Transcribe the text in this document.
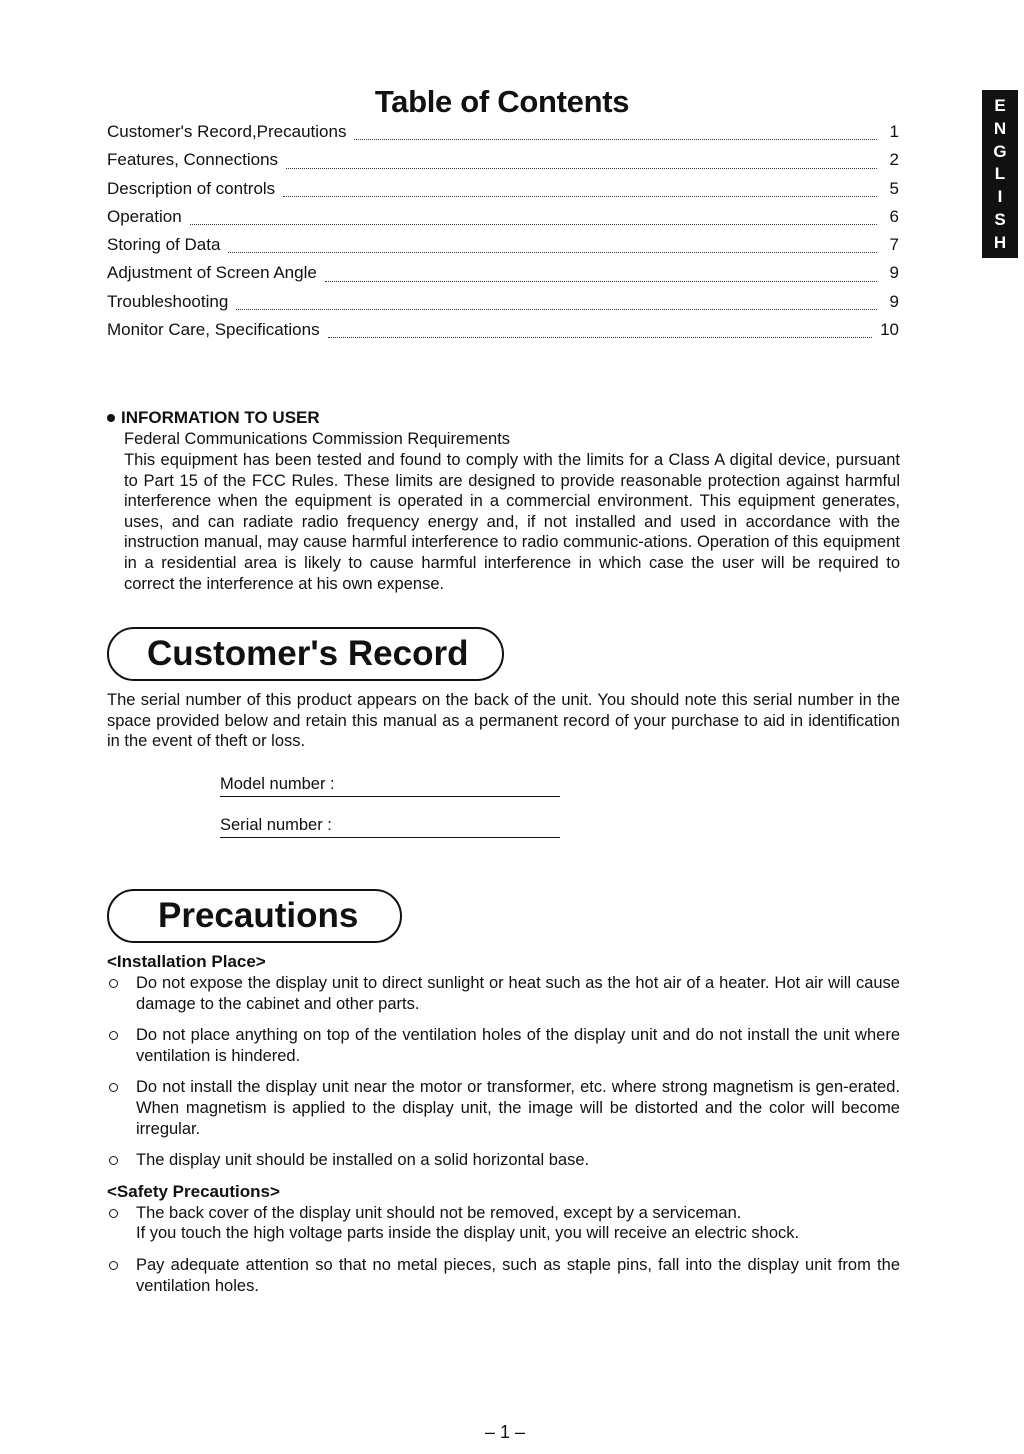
E
N
G
L
I
S
H
Table of Contents
Customer's Record,Precautions	1
Features, Connections	2
Description of controls	5
Operation	6
Storing of Data	7
Adjustment of Screen Angle	9
Troubleshooting	9
Monitor Care, Specifications	10
INFORMATION TO USER
Federal Communications Commission Requirements
This equipment has been tested and found to comply with the limits for a Class A digital device, pursuant to Part 15 of the FCC Rules. These limits are designed to provide reasonable protection against harmful interference when the equipment is operated in a commercial environment. This equipment generates, uses, and can radiate radio frequency energy and, if not installed and used in accordance with the instruction manual, may cause harmful interference to radio communic-ations. Operation of this equipment in a residential area is likely to cause harmful interference in which case the user will be required to correct the interference at his own expense.
Customer's Record
The serial number of this product appears on the back of the unit. You should note this serial number in the space provided below and retain this manual as a permanent record of your purchase to aid in identification in the event of theft or loss.
Model number :
Serial number :
Precautions
<Installation Place>
Do not expose the display unit to direct sunlight or heat such as the hot air of a heater. Hot air will cause damage to the cabinet and other parts.
Do not place anything on top of the ventilation holes of the display unit and do not install the unit where ventilation is hindered.
Do not install the display unit near the motor or transformer, etc. where strong magnetism is gen-erated. When magnetism is applied to the display unit, the image will be distorted and the color will become irregular.
The display unit should be installed on a solid horizontal base.
<Safety Precautions>
The back cover of the display unit should not be removed, except by a serviceman.
If you touch the high voltage parts inside the display unit, you will receive an electric shock.
Pay adequate attention so that no metal pieces, such as staple pins, fall into the display unit from the ventilation holes.
– 1 –
